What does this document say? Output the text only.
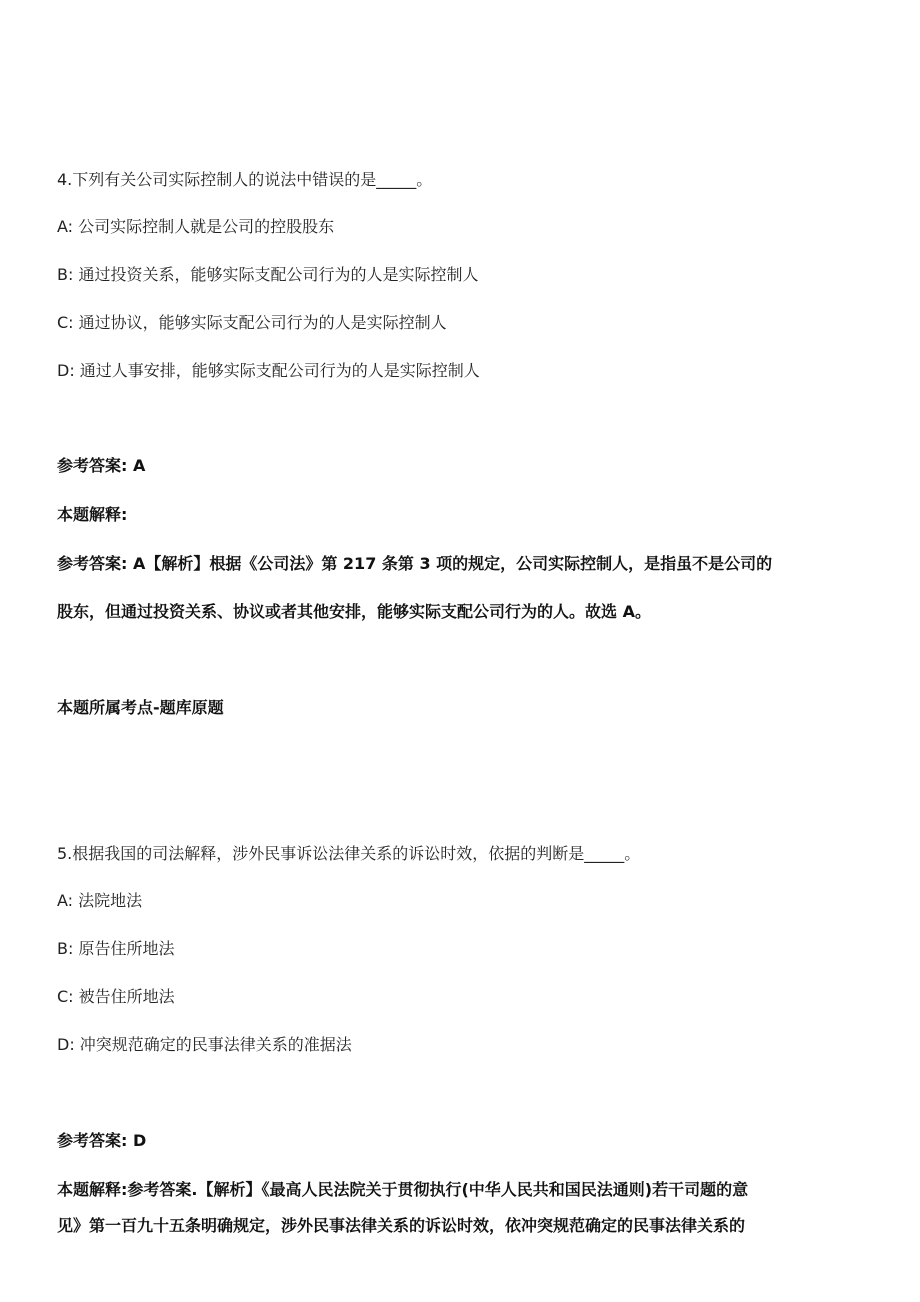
4.下列有关公司实际控制人的说法中错误的是_____。
A: 公司实际控制人就是公司的控股股东
B: 通过投资关系，能够实际支配公司行为的人是实际控制人
C: 通过协议，能够实际支配公司行为的人是实际控制人
D: 通过人事安排，能够实际支配公司行为的人是实际控制人
参考答案: A
本题解释:
参考答案: A【解析】根据《公司法》第 217 条第 3 项的规定，公司实际控制人，是指虽不是公司的
股东，但通过投资关系、协议或者其他安排，能够实际支配公司行为的人。故选 A。
本题所属考点-题库原题
5.根据我国的司法解释，涉外民事诉讼法律关系的诉讼时效，依据的判断是_____。
A: 法院地法
B: 原告住所地法
C: 被告住所地法
D: 冲突规范确定的民事法律关系的准据法
参考答案: D
本题解释:参考答案.【解析】《最高人民法院关于贯彻执行(中华人民共和国民法通则)若干司题的意
见》第一百九十五条明确规定，涉外民事法律关系的诉讼时效，依冲突规范确定的民事法律关系的
